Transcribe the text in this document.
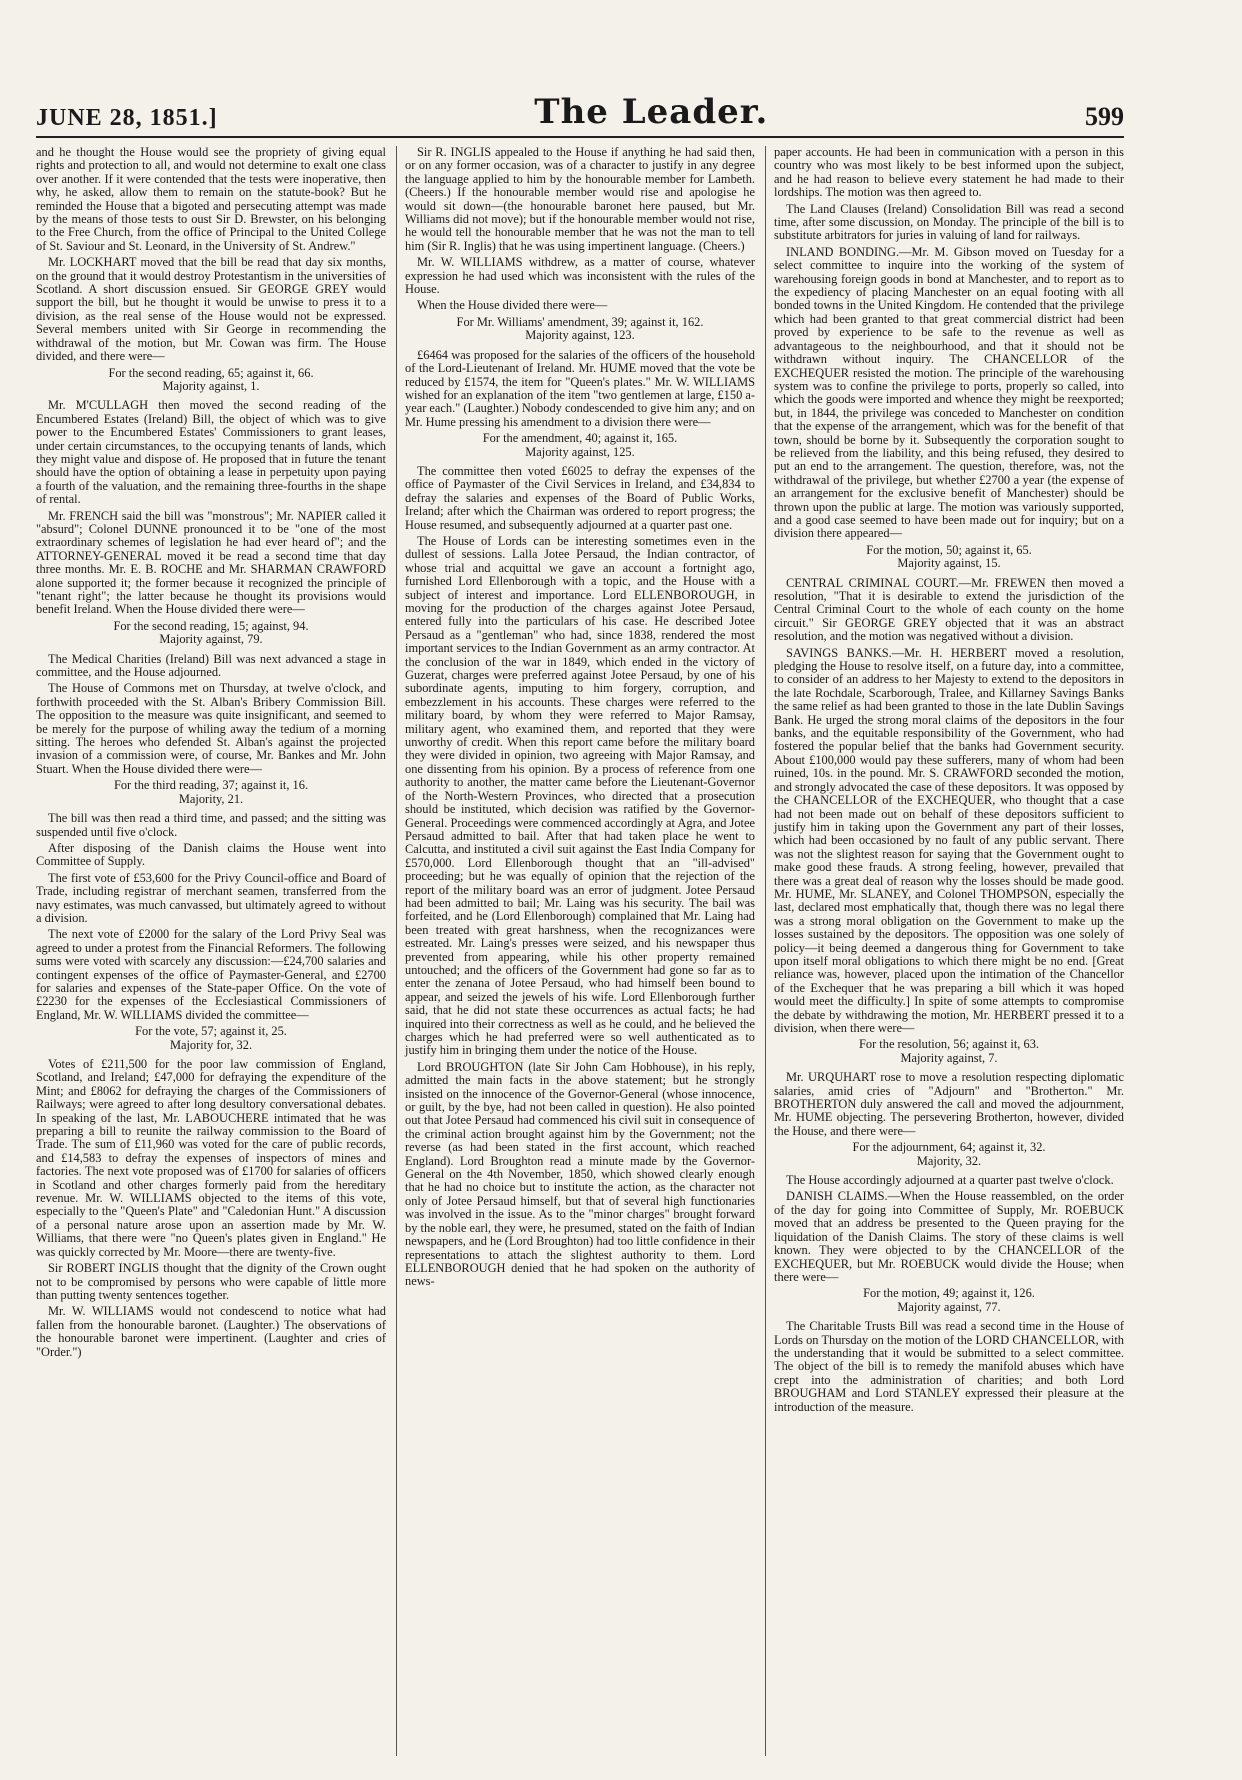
JUNE 28, 1851.]	The Leader.	599

and he thought the House would see the propriety of giving equal rights and protection to all, and would not determine to exalt one class over another. If it were contended that the tests were inoperative, then why, he asked, allow them to remain on the statute-book? But he reminded the House that a bigoted and persecuting attempt was made by the means of those tests to oust Sir D. Brewster, on his belonging to the Free Church, from the office of Principal to the United College of St. Saviour and St. Leonard, in the University of St. Andrew."

Mr. LOCKHART moved that the bill be read that day six months, on the ground that it would destroy Protestantism in the universities of Scotland. A short discussion ensued. Sir GEORGE GREY would support the bill, but he thought it would be unwise to press it to a division, as the real sense of the House would not be expressed. Several members united with Sir George in recommending the withdrawal of the motion, but Mr. Cowan was firm. The House divided, and there were—

For the second reading, 65; against it, 66.

Majority against, 1.

Mr. M'CULLAGH then moved the second reading of the Encumbered Estates (Ireland) Bill, the object of which was to give power to the Encumbered Estates' Commissioners to grant leases, under certain circumstances, to the occupying tenants of lands, which they might value and dispose of. He proposed that in future the tenant should have the option of obtaining a lease in perpetuity upon paying a fourth of the valuation, and the remaining three-fourths in the shape of rental.

Mr. FRENCH said the bill was "monstrous"; Mr. NAPIER called it "absurd"; Colonel DUNNE pronounced it to be "one of the most extraordinary schemes of legislation he had ever heard of"; and the ATTORNEY-GENERAL moved it be read a second time that day three months. Mr. E. B. ROCHE and Mr. SHARMAN CRAWFORD alone supported it; the former because it recognized the principle of "tenant right"; the latter because he thought its provisions would benefit Ireland. When the House divided there were—

For the second reading, 15; against, 94.

Majority against, 79.

The Medical Charities (Ireland) Bill was next advanced a stage in committee, and the House adjourned.

The House of Commons met on Thursday, at twelve o'clock, and forthwith proceeded with the St. Alban's Bribery Commission Bill. The opposition to the measure was quite insignificant, and seemed to be merely for the purpose of whiling away the tedium of a morning sitting. The heroes who defended St. Alban's against the projected invasion of a commission were, of course, Mr. Bankes and Mr. John Stuart. When the House divided there were—

For the third reading, 37; against it, 16.

Majority, 21.

The bill was then read a third time, and passed; and the sitting was suspended until five o'clock.

After disposing of the Danish claims the House went into Committee of Supply.

The first vote of £53,600 for the Privy Council-office and Board of Trade, including registrar of merchant seamen, transferred from the navy estimates, was much canvassed, but ultimately agreed to without a division.

The next vote of £2000 for the salary of the Lord Privy Seal was agreed to under a protest from the Financial Reformers. The following sums were voted with scarcely any discussion:—£24,700 salaries and contingent expenses of the office of Paymaster-General, and £2700 for salaries and expenses of the State-paper Office. On the vote of £2230 for the expenses of the Ecclesiastical Commissioners of England, Mr. W. WILLIAMS divided the committee—

For the vote, 57; against it, 25.

Majority for, 32.

Votes of £211,500 for the poor law commission of England, Scotland, and Ireland; £47,000 for defraying the expenditure of the Mint; and £8062 for defraying the charges of the Commissioners of Railways; were agreed to after long desultory conversational debates. In speaking of the last, Mr. LABOUCHERE intimated that he was preparing a bill to reunite the railway commission to the Board of Trade. The sum of £11,960 was voted for the care of public records, and £14,583 to defray the expenses of inspectors of mines and factories. The next vote proposed was of £1700 for salaries of officers in Scotland and other charges formerly paid from the hereditary revenue. Mr. W. WILLIAMS objected to the items of this vote, especially to the "Queen's Plate" and "Caledonian Hunt." A discussion of a personal nature arose upon an assertion made by Mr. W. Williams, that there were "no Queen's plates given in England." He was quickly corrected by Mr. Moore—there are twenty-five.

Sir ROBERT INGLIS thought that the dignity of the Crown ought not to be compromised by persons who were capable of little more than putting twenty sentences together.

Mr. W. WILLIAMS would not condescend to notice what had fallen from the honourable baronet. (Laughter.) The observations of the honourable baronet were impertinent. (Laughter and cries of "Order.")

Sir R. INGLIS appealed to the House if anything he had said then, or on any former occasion, was of a character to justify in any degree the language applied to him by the honourable member for Lambeth. (Cheers.) If the honourable member would rise and apologise he would sit down—(the honourable baronet here paused, but Mr. Williams did not move); but if the honourable member would not rise, he would tell the honourable member that he was not the man to tell him (Sir R. Inglis) that he was using impertinent language. (Cheers.)

Mr. W. WILLIAMS withdrew, as a matter of course, whatever expression he had used which was inconsistent with the rules of the House.

When the House divided there were—

For Mr. Williams' amendment, 39; against it, 162.

Majority against, 123.

£6464 was proposed for the salaries of the officers of the household of the Lord-Lieutenant of Ireland. Mr. HUME moved that the vote be reduced by £1574, the item for "Queen's plates." Mr. W. WILLIAMS wished for an explanation of the item "two gentlemen at large, £150 a-year each." (Laughter.) Nobody condescended to give him any; and on Mr. Hume pressing his amendment to a division there were—

For the amendment, 40; against it, 165.

Majority against, 125.

The committee then voted £6025 to defray the expenses of the office of Paymaster of the Civil Services in Ireland, and £34,834 to defray the salaries and expenses of the Board of Public Works, Ireland; after which the Chairman was ordered to report progress; the House resumed, and subsequently adjourned at a quarter past one.

The House of Lords can be interesting sometimes even in the dullest of sessions. Lalla Jotee Persaud, the Indian contractor, of whose trial and acquittal we gave an account a fortnight ago, furnished Lord Ellenborough with a topic, and the House with a subject of interest and importance. Lord ELLENBOROUGH, in moving for the production of the charges against Jotee Persaud, entered fully into the particulars of his case. He described Jotee Persaud as a "gentleman" who had, since 1838, rendered the most important services to the Indian Government as an army contractor. At the conclusion of the war in 1849, which ended in the victory of Guzerat, charges were preferred against Jotee Persaud, by one of his subordinate agents, imputing to him forgery, corruption, and embezzlement in his accounts. These charges were referred to the military board, by whom they were referred to Major Ramsay, military agent, who examined them, and reported that they were unworthy of credit. When this report came before the military board they were divided in opinion, two agreeing with Major Ramsay, and one dissenting from his opinion. By a process of reference from one authority to another, the matter came before the Lieutenant-Governor of the North-Western Provinces, who directed that a prosecution should be instituted, which decision was ratified by the Governor-General. Proceedings were commenced accordingly at Agra, and Jotee Persaud admitted to bail. After that had taken place he went to Calcutta, and instituted a civil suit against the East India Company for £570,000. Lord Ellenborough thought that an "ill-advised" proceeding; but he was equally of opinion that the rejection of the report of the military board was an error of judgment. Jotee Persaud had been admitted to bail; Mr. Laing was his security. The bail was forfeited, and he (Lord Ellenborough) complained that Mr. Laing had been treated with great harshness, when the recognizances were estreated. Mr. Laing's presses were seized, and his newspaper thus prevented from appearing, while his other property remained untouched; and the officers of the Government had gone so far as to enter the zenana of Jotee Persaud, who had himself been bound to appear, and seized the jewels of his wife. Lord Ellenborough further said, that he did not state these occurrences as actual facts; he had inquired into their correctness as well as he could, and he believed the charges which he had preferred were so well authenticated as to justify him in bringing them under the notice of the House.

Lord BROUGHTON (late Sir John Cam Hobhouse), in his reply, admitted the main facts in the above statement; but he strongly insisted on the innocence of the Governor-General (whose innocence, or guilt, by the bye, had not been called in question). He also pointed out that Jotee Persaud had commenced his civil suit in consequence of the criminal action brought against him by the Government; not the reverse (as had been stated in the first account, which reached England). Lord Broughton read a minute made by the Governor-General on the 4th November, 1850, which showed clearly enough that he had no choice but to institute the action, as the character not only of Jotee Persaud himself, but that of several high functionaries was involved in the issue. As to the "minor charges" brought forward by the noble earl, they were, he presumed, stated on the faith of Indian newspapers, and he (Lord Broughton) had too little confidence in their representations to attach the slightest authority to them. Lord ELLENBOROUGH denied that he had spoken on the authority of news-

paper accounts. He had been in communication with a person in this country who was most likely to be best informed upon the subject, and he had reason to believe every statement he had made to their lordships. The motion was then agreed to.

The Land Clauses (Ireland) Consolidation Bill was read a second time, after some discussion, on Monday. The principle of the bill is to substitute arbitrators for juries in valuing of land for railways.

INLAND BONDING.—Mr. M. Gibson moved on Tuesday for a select committee to inquire into the working of the system of warehousing foreign goods in bond at Manchester, and to report as to the expediency of placing Manchester on an equal footing with all bonded towns in the United Kingdom. He contended that the privilege which had been granted to that great commercial district had been proved by experience to be safe to the revenue as well as advantageous to the neighbourhood, and that it should not be withdrawn without inquiry. The CHANCELLOR of the EXCHEQUER resisted the motion. The principle of the warehousing system was to confine the privilege to ports, properly so called, into which the goods were imported and whence they might be reexported; but, in 1844, the privilege was conceded to Manchester on condition that the expense of the arrangement, which was for the benefit of that town, should be borne by it. Subsequently the corporation sought to be relieved from the liability, and this being refused, they desired to put an end to the arrangement. The question, therefore, was, not the withdrawal of the privilege, but whether £2700 a year (the expense of an arrangement for the exclusive benefit of Manchester) should be thrown upon the public at large. The motion was variously supported, and a good case seemed to have been made out for inquiry; but on a division there appeared—

For the motion, 50; against it, 65.

Majority against, 15.

CENTRAL CRIMINAL COURT.—Mr. FREWEN then moved a resolution, "That it is desirable to extend the jurisdiction of the Central Criminal Court to the whole of each county on the home circuit." Sir GEORGE GREY objected that it was an abstract resolution, and the motion was negatived without a division.

SAVINGS BANKS.—Mr. H. HERBERT moved a resolution, pledging the House to resolve itself, on a future day, into a committee, to consider of an address to her Majesty to extend to the depositors in the late Rochdale, Scarborough, Tralee, and Killarney Savings Banks the same relief as had been granted to those in the late Dublin Savings Bank. He urged the strong moral claims of the depositors in the four banks, and the equitable responsibility of the Government, who had fostered the popular belief that the banks had Government security. About £100,000 would pay these sufferers, many of whom had been ruined, 10s. in the pound. Mr. S. CRAWFORD seconded the motion, and strongly advocated the case of these depositors. It was opposed by the CHANCELLOR of the EXCHEQUER, who thought that a case had not been made out on behalf of these depositors sufficient to justify him in taking upon the Government any part of their losses, which had been occasioned by no fault of any public servant. There was not the slightest reason for saying that the Government ought to make good these frauds. A strong feeling, however, prevailed that there was a great deal of reason why the losses should be made good. Mr. HUME, Mr. SLANEY, and Colonel THOMPSON, especially the last, declared most emphatically that, though there was no legal there was a strong moral obligation on the Government to make up the losses sustained by the depositors. The opposition was one solely of policy—it being deemed a dangerous thing for Government to take upon itself moral obligations to which there might be no end. [Great reliance was, however, placed upon the intimation of the Chancellor of the Exchequer that he was preparing a bill which it was hoped would meet the difficulty.] In spite of some attempts to compromise the debate by withdrawing the motion, Mr. HERBERT pressed it to a division, when there were—

For the resolution, 56; against it, 63.

Majority against, 7.

Mr. URQUHART rose to move a resolution respecting diplomatic salaries, amid cries of "Adjourn" and "Brotherton." Mr. BROTHERTON duly answered the call and moved the adjournment, Mr. HUME objecting. The persevering Brotherton, however, divided the House, and there were—

For the adjournment, 64; against it, 32.

Majority, 32.

The House accordingly adjourned at a quarter past twelve o'clock.

DANISH CLAIMS.—When the House reassembled, on the order of the day for going into Committee of Supply, Mr. ROEBUCK moved that an address be presented to the Queen praying for the liquidation of the Danish Claims. The story of these claims is well known. They were objected to by the CHANCELLOR of the EXCHEQUER, but Mr. ROEBUCK would divide the House; when there were—

For the motion, 49; against it, 126.

Majority against, 77.

The Charitable Trusts Bill was read a second time in the House of Lords on Thursday on the motion of the LORD CHANCELLOR, with the understanding that it would be submitted to a select committee. The object of the bill is to remedy the manifold abuses which have crept into the administration of charities; and both Lord BROUGHAM and Lord STANLEY expressed their pleasure at the introduction of the measure.
